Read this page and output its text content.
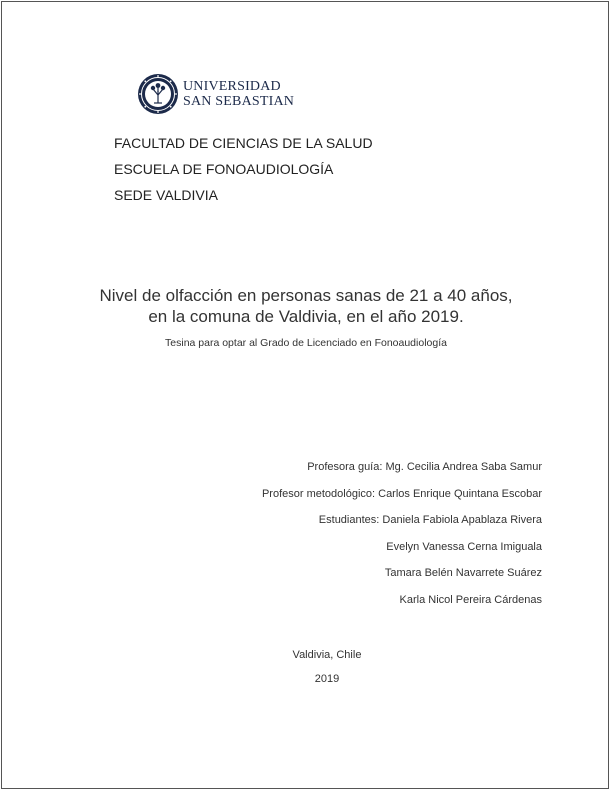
UNIVERSIDAD
SAN SEBASTIAN
FACULTAD DE CIENCIAS DE LA SALUD
ESCUELA DE FONOAUDIOLOGÍA
SEDE VALDIVIA
Nivel de olfacción en personas sanas de 21 a 40 años,
en la comuna de Valdivia, en el año 2019.
Tesina para optar al Grado de Licenciado en Fonoaudiología
Profesora guía: Mg. Cecilia Andrea Saba Samur
Profesor metodológico: Carlos Enrique Quintana Escobar
Estudiantes: Daniela Fabiola Apablaza Rivera
Evelyn Vanessa Cerna Imiguala
Tamara Belén Navarrete Suárez
Karla Nicol Pereira Cárdenas
Valdivia, Chile
2019
